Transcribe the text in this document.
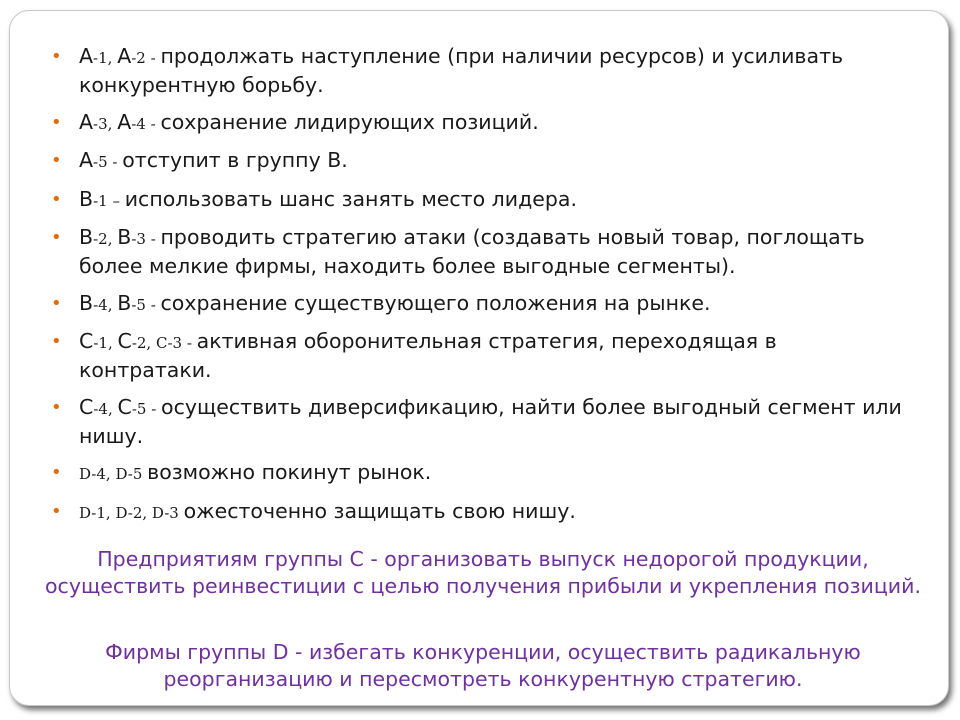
• А-1, А-2 - продолжать наступление (при наличии ресурсов) и усиливать конкурентную борьбу.
• А-3, А-4 - сохранение лидирующих позиций.
• А-5 - отступит в группу В.
• В-1 – использовать шанс занять место лидера.
• В-2, В-3 - проводить стратегию атаки (создавать новый товар, поглощать более мелкие фирмы, находить более выгодные сегменты).
• В-4, В-5 - сохранение существующего положения на рынке.
• С-1, С-2, С-3 - активная оборонительная стратегия, переходящая в контратаки.
• С-4, С-5 - осуществить диверсификацию, найти более выгодный сегмент или нишу.
• D-4, D-5 возможно покинут рынок.
• D-1, D-2, D-3 ожесточенно защищать свою нишу.
Предприятиям группы С - организовать выпуск недорогой продукции, осуществить реинвестиции с целью получения прибыли и укрепления позиций.
Фирмы группы D - избегать конкуренции, осуществить радикальную реорганизацию и пересмотреть конкурентную стратегию.
